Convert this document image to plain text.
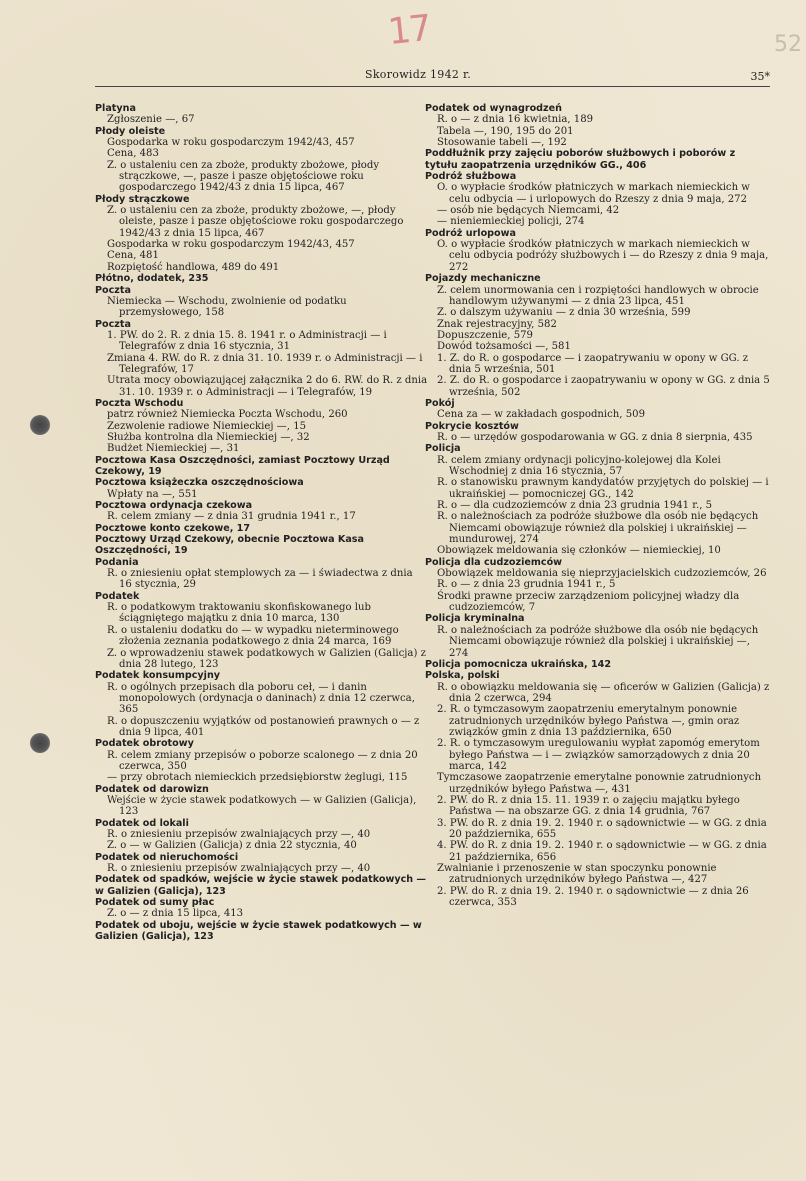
17	52
Skorowidz 1942 r.	35*
Platyna
Zgłoszenie —, 67
Płody oleiste
Gospodarka w roku gospodarczym 1942/43, 457
Cena, 483
Z. o ustaleniu cen za zboże, produkty zbożowe, płody strączkowe, —, pasze i pasze objętościowe roku gospodarczego 1942/43 z dnia 15 lipca, 467
Płody strączkowe
Z. o ustaleniu cen za zboże, produkty zbożowe, —, płody oleiste, pasze i pasze objętościowe roku gospodarczego 1942/43 z dnia 15 lipca, 467
Gospodarka w roku gospodarczym 1942/43, 457
Cena, 481
Rozpiętość handlowa, 489 do 491
Płótno, dodatek, 235
Poczta
Niemiecka — Wschodu, zwolnienie od podatku przemysłowego, 158
Poczta
1. PW. do 2. R. z dnia 15. 8. 1941 r. o Administracji — i Telegrafów z dnia 16 stycznia, 31
Zmiana 4. RW. do R. z dnia 31. 10. 1939 r. o Administracji — i Telegrafów, 17
Utrata mocy obowiązującej załącznika 2 do 6. RW. do R. z dnia 31. 10. 1939 r. o Administracji — i Telegrafów, 19
Poczta Wschodu
patrz również Niemiecka Poczta Wschodu, 260
Zezwolenie radiowe Niemieckiej —, 15
Służba kontrolna dla Niemieckiej —, 32
Budżet Niemieckiej —, 31
Pocztowa Kasa Oszczędności, zamiast Pocztowy Urząd Czekowy, 19
Pocztowa książeczka oszczędnościowa
Wpłaty na —, 551
Pocztowa ordynacja czekowa
R. celem zmiany — z dnia 31 grudnia 1941 r., 17
Pocztowe konto czekowe, 17
Pocztowy Urząd Czekowy, obecnie Pocztowa Kasa Oszczędności, 19
Podania
R. o zniesieniu opłat stemplowych za — i świadectwa z dnia 16 stycznia, 29
Podatek
R. o podatkowym traktowaniu skonfiskowanego lub ściągniętego majątku z dnia 10 marca, 130
R. o ustaleniu dodatku do — w wypadku nieterminowego złożenia zeznania podatkowego z dnia 24 marca, 169
Z. o wprowadzeniu stawek podatkowych w Galizien (Galicja) z dnia 28 lutego, 123
Podatek konsumpcyjny
R. o ogólnych przepisach dla poboru ceł, — i danin monopolowych (ordynacja o daninach) z dnia 12 czerwca, 365
R. o dopuszczeniu wyjątków od postanowień prawnych o — z dnia 9 lipca, 401
Podatek obrotowy
R. celem zmiany przepisów o poborze scalonego — z dnia 20 czerwca, 350
— przy obrotach niemieckich przedsiębiorstw żeglugi, 115
Podatek od darowizn
Wejście w życie stawek podatkowych — w Galizien (Galicja), 123
Podatek od lokali
R. o zniesieniu przepisów zwalniających przy —, 40
Z. o — w Galizien (Galicja) z dnia 22 stycznia, 40
Podatek od nieruchomości
R. o zniesieniu przepisów zwalniających przy —, 40
Podatek od spadków, wejście w życie stawek podatkowych — w Galizien (Galicja), 123
Podatek od sumy płac
Z. o — z dnia 15 lipca, 413
Podatek od uboju, wejście w życie stawek podatkowych — w Galizien (Galicja), 123
Podatek od wynagrodzeń
R. o — z dnia 16 kwietnia, 189
Tabela —, 190, 195 do 201
Stosowanie tabeli —, 192
Poddłużnik przy zajęciu poborów służbowych i poborów z tytułu zaopatrzenia urzędników GG., 406
Podróż służbowa
O. o wypłacie środków płatniczych w markach niemieckich w celu odbycia — i urlopowych do Rzeszy z dnia 9 maja, 272
— osób nie będących Niemcami, 42
— nieniemieckiej policji, 274
Podróż urlopowa
O. o wypłacie środków płatniczych w markach niemieckich w celu odbycia podróży służbowych i — do Rzeszy z dnia 9 maja, 272
Pojazdy mechaniczne
Z. celem unormowania cen i rozpiętości handlowych w obrocie handlowym używanymi — z dnia 23 lipca, 451
Z. o dalszym używaniu — z dnia 30 września, 599
Znak rejestracyjny, 582
Dopuszczenie, 579
Dowód tożsamości —, 581
1. Z. do R. o gospodarce — i zaopatrywaniu w opony w GG. z dnia 5 września, 501
2. Z. do R. o gospodarce i zaopatrywaniu w opony w GG. z dnia 5 września, 502
Pokój
Cena za — w zakładach gospodnich, 509
Pokrycie kosztów
R. o — urzędów gospodarowania w GG. z dnia 8 sierpnia, 435
Policja
R. celem zmiany ordynacji policyjno-kolejowej dla Kolei Wschodniej z dnia 16 stycznia, 57
R. o stanowisku prawnym kandydatów przyjętych do polskiej — i ukraińskiej — pomocniczej GG., 142
R. o — dla cudzoziemców z dnia 23 grudnia 1941 r., 5
R. o należnościach za podróże służbowe dla osób nie będących Niemcami obowiązuje również dla polskiej i ukraińskiej — mundurowej, 274
Obowiązek meldowania się członków — niemieckiej, 10
Policja dla cudzoziemców
Obowiązek meldowania się nieprzyjacielskich cudzoziemców, 26
R. o — z dnia 23 grudnia 1941 r., 5
Środki prawne przeciw zarządzeniom policyjnej władzy dla cudzoziemców, 7
Policja kryminalna
R. o należnościach za podróże służbowe dla osób nie będących Niemcami obowiązuje również dla polskiej i ukraińskiej —, 274
Policja pomocnicza ukraińska, 142
Polska, polski
R. o obowiązku meldowania się — oficerów w Galizien (Galicja) z dnia 2 czerwca, 294
2. R. o tymczasowym zaopatrzeniu emerytalnym ponownie zatrudnionych urzędników byłego Państwa —, gmin oraz związków gmin z dnia 13 października, 650
2. R. o tymczasowym uregulowaniu wypłat zapomóg emerytom byłego Państwa — i — związków samorządowych z dnia 20 marca, 142
Tymczasowe zaopatrzenie emerytalne ponownie zatrudnionych urzędników byłego Państwa —, 431
2. PW. do R. z dnia 15. 11. 1939 r. o zajęciu majątku byłego Państwa — na obszarze GG. z dnia 14 grudnia, 767
3. PW. do R. z dnia 19. 2. 1940 r. o sądownictwie — w GG. z dnia 20 października, 655
4. PW. do R. z dnia 19. 2. 1940 r. o sądownictwie — w GG. z dnia 21 października, 656
Zwalnianie i przenoszenie w stan spoczynku ponownie zatrudnionych urzędników byłego Państwa —, 427
2. PW. do R. z dnia 19. 2. 1940 r. o sądownictwie — z dnia 26 czerwca, 353
